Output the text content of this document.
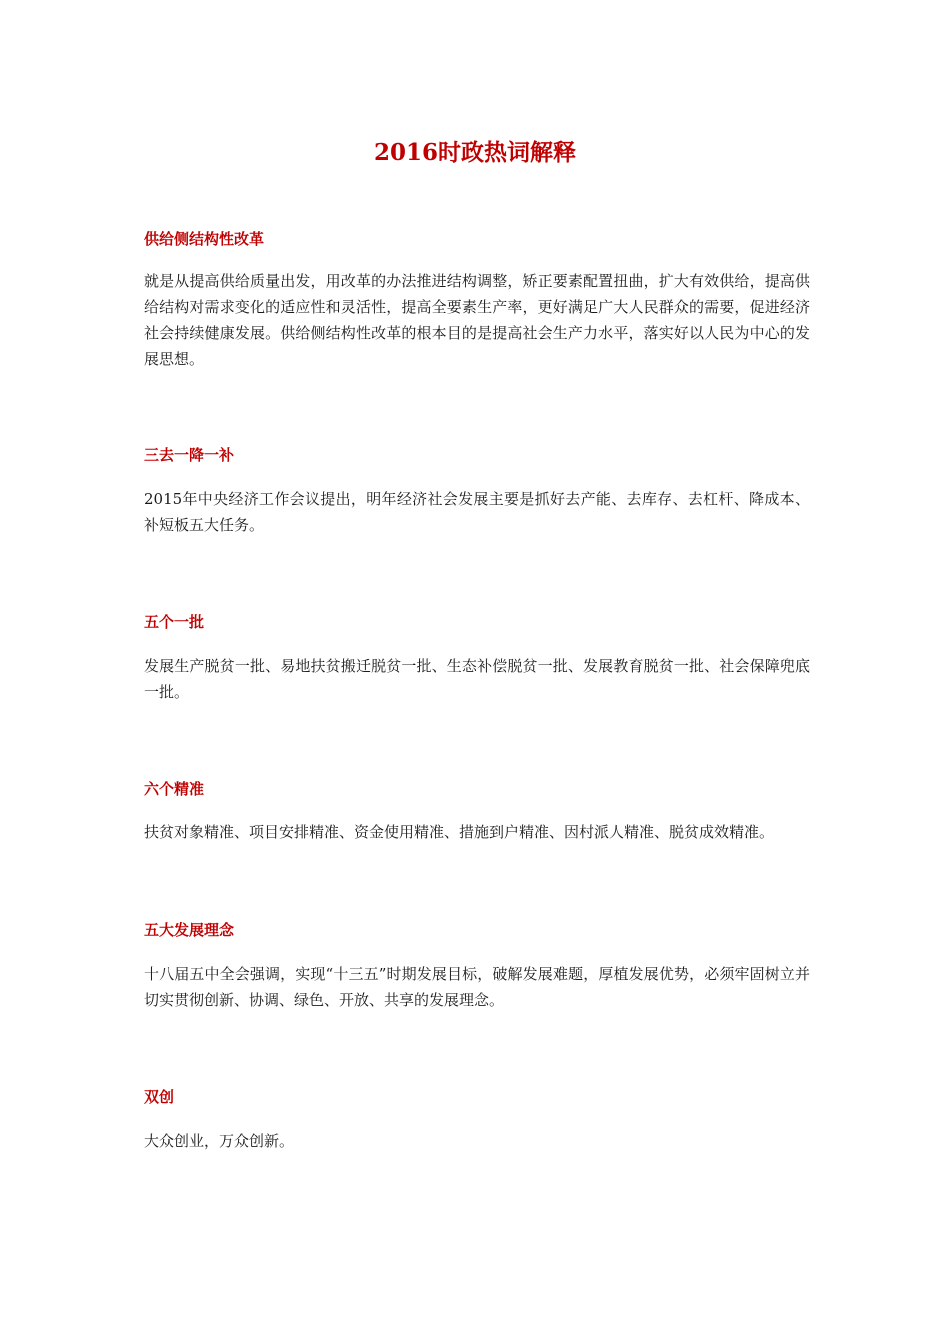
2016时政热词解释
供给侧结构性改革

就是从提高供给质量出发，用改革的办法推进结构调整，矫正要素配置扭曲，扩大有效供给，提高供给结构对需求变化的适应性和灵活性，提高全要素生产率，更好满足广大人民群众的需要，促进经济社会持续健康发展。供给侧结构性改革的根本目的是提高社会生产力水平，落实好以人民为中心的发展思想。

三去一降一补

2015年中央经济工作会议提出，明年经济社会发展主要是抓好去产能、去库存、去杠杆、降成本、补短板五大任务。

五个一批

发展生产脱贫一批、易地扶贫搬迁脱贫一批、生态补偿脱贫一批、发展教育脱贫一批、社会保障兜底一批。

六个精准

扶贫对象精准、项目安排精准、资金使用精准、措施到户精准、因村派人精准、脱贫成效精准。

五大发展理念

十八届五中全会强调，实现“十三五”时期发展目标，破解发展难题，厚植发展优势，必须牢固树立并切实贯彻创新、协调、绿色、开放、共享的发展理念。

双创

大众创业，万众创新。
